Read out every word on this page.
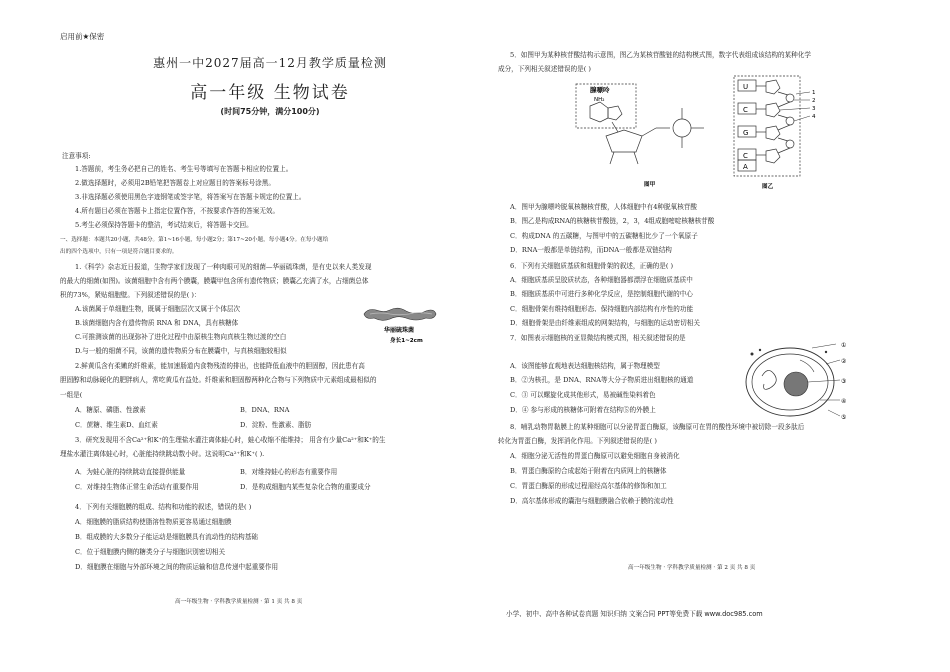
启用前★保密
惠州一中2027届高一12月教学质量检测
高一年级 生物试卷
(时间75分钟，满分100分)
注意事项:
1.答题前，考生务必把自己的姓名、考生号等填写在答题卡相应的位置上。
2.做选择题时，必须用2B铅笔把答题卷上对应题目的答案标号涂黑。
3.非选择题必须使用黑色字迹钢笔或签字笔，将答案写在答题卡规定的位置上。
4.所有题目必须在答题卡上指定位置作答，不按要求作答的答案无效。
5.考生必须保持答题卡的整洁，考试结束后，将答题卡交回。
一、选择题：本题共20小题，共48分。第1~16小题，每小题2分；第17~20小题，每小题4分。在每小题给
出的四个选项中，只有一项是符合题目要求的。
1.《科学》杂志近日报道，生物学家们发现了一种肉眼可见的细菌—华丽硫珠菌，是有史以来人类发现
的最大的细菌(如图)。该菌细胞中含有两个膜囊，膜囊甲包含所有遗传物质；膜囊乙充满了水，占细菌总体
积的73%，紧贴细胞壁。下列叙述错误的是( )：
A.该菌属于单细胞生物，既属于细胞层次又属于个体层次
B.该菌细胞内含有遗传物质 RNA 和 DNA，具有核糖体
C.可推测该菌的出现弥补了进化过程中由原核生物向真核生物过渡的空白
D.与一般的细菌不同，该菌的遗传物质分布在膜囊中，与真核细胞较相似
华丽硫珠菌
身长1~2cm
2.鲜黄瓜含有柔嫩的纤维素，能加速肠道内食物残渣的排出，也能降低血液中的胆固醇，因此患有高
胆固醇和动脉硬化的肥胖病人，常吃黄瓜有益处。纤维素和胆固醇两种化合物与下列物质中元素组成最相似的
一组是(
A．糖原、磷脂、性激素	B．DNA、RNA
C．蔗糖、维生素D、血红素	D．淀粉、性激素、脂肪
3．研究发现用不含Ca²⁺和K⁺的生理盐水灌注离体蛙心时，蛙心收缩不能维持； 用含有少量Ca²⁺和K⁺的生
理盐水灌注离体蛙心时，心脏能持续跳动数小时。这说明Ca²⁺和K⁺( ).
A．为蛙心脏的持续跳动直接提供能量	B．对维持蛙心的形态有重要作用
C．对维持生物体正常生命活动有重要作用	D．是构成细胞内某些复杂化合物的重要成分
4．下列有关细胞膜的组成、结构和功能的叙述，错误的是( )
A．细胞膜的脂质结构使脂溶性物质更容易通过细胞膜
B．组成膜的大多数分子能运动是细胞膜具有流动性的结构基础
C．位于细胞膜内侧的糖类分子与细胞识别密切相关
D．细胞膜在细胞与外部环境之间的物质运输和信息传递中起重要作用
高一年级生物 · 学科教学质量检测 · 第 1 页 共 8 页
5．如图甲为某种核苷酸结构示意图，图乙为某核苷酸链的结构模式图，数字代表组成该结构的某种化学
成分，下列相关叙述错误的是( )
腺嘌呤
NH₂
图甲
U
C
G
C
A
1
2
3
4
图乙
A．图甲为腺嘌呤脱氧核糖核苷酸，人体细胞中有4种脱氧核苷酸
B．图乙是构成RNA的核糖核苷酸链，2，3，4组成胞嘧啶核糖核苷酸
C．构成DNA 的五碳糖，与图甲中的五碳糖相比少了一个氧原子
D．RNA一般都是单链结构，而DNA一般都是双链结构
6．下列有关细胞质基质和细胞骨架的叙述，正确的是( )
A．细胞质基质呈胶质状态，各种细胞器都漂浮在细胞质基质中
B．细胞质基质中可进行多种化学反应，是控制细胞代谢的中心
C．细胞骨架有维持细胞形态、保持细胞内部结构有序性的功能
D．细胞骨架是由纤维素组成的网架结构，与细胞的运动密切相关
7．如图表示细胞核的亚显微结构模式图，相关叙述错误的是
①
②
③
④
⑤
A．该图能够直观地表达细胞核结构，属于物理模型
B．②为核孔，是 DNA、RNA等大分子物质进出细胞核的通道
C．③ 可以螺旋化成其他形式，易被碱性染料着色
D．④ 参与形成的核糖体可附着在结构⑤的外膜上
8．哺乳动物胃黏膜上的某种细胞可以分泌胃蛋白酶原，该酶原可在胃的酸性环境中被切除一段多肽后
转化为胃蛋白酶，发挥消化作用。下列叙述错误的是( )
A．细胞分泌无活性的胃蛋白酶原可以避免细胞自身被消化
B．胃蛋白酶原的合成起始于附着在内质网上的核糖体
C．胃蛋白酶原的形成过程需经高尔基体的修饰和加工
D．高尔基体形成的囊泡与细胞膜融合依赖于膜的流动性
高一年级生物 · 学科教学质量检测 · 第 2 页 共 8 页
小学、初中、高中各种试卷真题 知识归纳 文案合同 PPT等免费下载 www.doc985.com
